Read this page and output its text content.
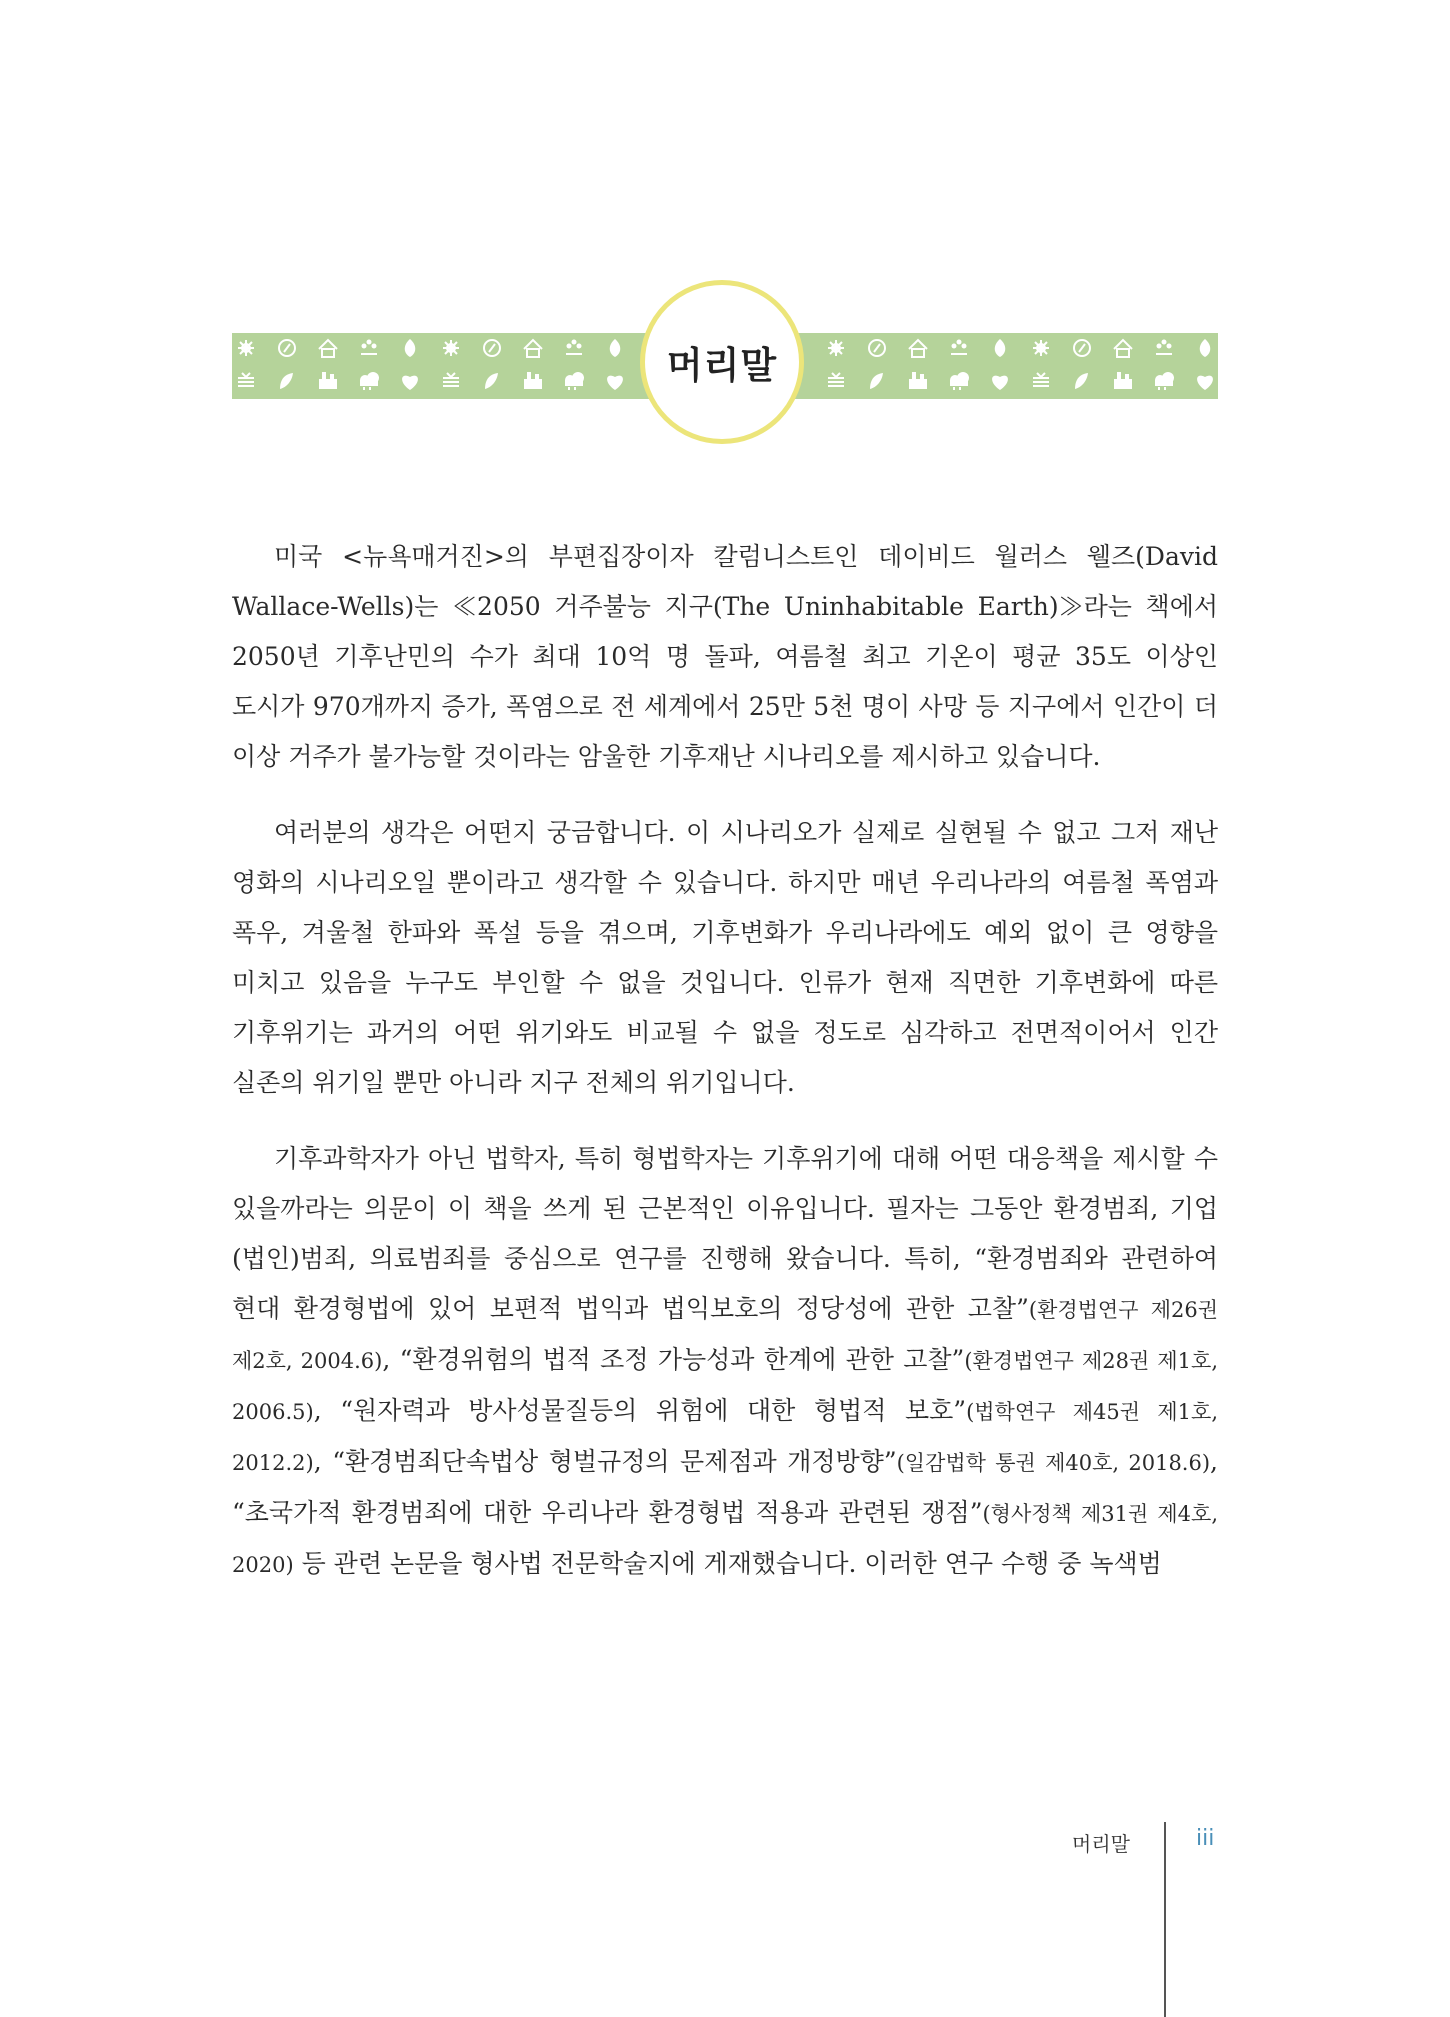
머리말

미국 <뉴욕매거진>의 부편집장이자 칼럼니스트인 데이비드 월러스 웰즈(David Wallace-Wells)는 ≪2050 거주불능 지구(The Uninhabitable Earth)≫라는 책에서 2050년 기후난민의 수가 최대 10억 명 돌파, 여름철 최고 기온이 평균 35도 이상인 도시가 970개까지 증가, 폭염으로 전 세계에서 25만 5천 명이 사망 등 지구에서 인간이 더 이상 거주가 불가능할 것이라는 암울한 기후재난 시나리오를 제시하고 있습니다.

여러분의 생각은 어떤지 궁금합니다. 이 시나리오가 실제로 실현될 수 없고 그저 재난 영화의 시나리오일 뿐이라고 생각할 수 있습니다. 하지만 매년 우리나라의 여름철 폭염과 폭우, 겨울철 한파와 폭설 등을 겪으며, 기후변화가 우리나라에도 예외 없이 큰 영향을 미치고 있음을 누구도 부인할 수 없을 것입니다. 인류가 현재 직면한 기후변화에 따른 기후위기는 과거의 어떤 위기와도 비교될 수 없을 정도로 심각하고 전면적이어서 인간 실존의 위기일 뿐만 아니라 지구 전체의 위기입니다.

기후과학자가 아닌 법학자, 특히 형법학자는 기후위기에 대해 어떤 대응책을 제시할 수 있을까라는 의문이 이 책을 쓰게 된 근본적인 이유입니다. 필자는 그동안 환경범죄, 기업(법인)범죄, 의료범죄를 중심으로 연구를 진행해 왔습니다. 특히, “환경범죄와 관련하여 현대 환경형법에 있어 보편적 법익과 법익보호의 정당성에 관한 고찰”(환경법연구 제26권 제2호, 2004.6), “환경위험의 법적 조정 가능성과 한계에 관한 고찰”(환경법연구 제28권 제1호, 2006.5), “원자력과 방사성물질등의 위험에 대한 형법적 보호”(법학연구 제45권 제1호, 2012.2), “환경범죄단속법상 형벌규정의 문제점과 개정방향”(일감법학 통권 제40호, 2018.6), “초국가적 환경범죄에 대한 우리나라 환경형법 적용과 관련된 쟁점”(형사정책 제31권 제4호, 2020) 등 관련 논문을 형사법 전문학술지에 게재했습니다. 이러한 연구 수행 중 녹색범

머리말	iii
